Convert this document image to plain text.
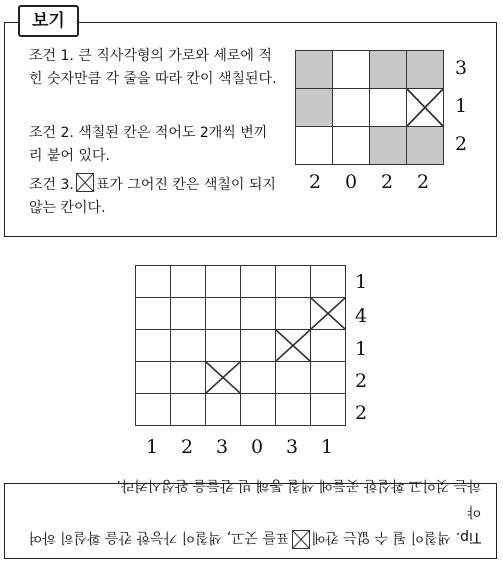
조건 1. 큰 직사각형의 가로와 세로에 적힌 숫자만큼 각 줄을 따라 칸이 색칠된다.
조건 2. 색칠된 칸은 적어도 2개씩 변끼리 붙어 있다.
조건 3. 표가 그어진 칸은 색칠이 되지 않는 칸이다.

3
1
2
2 0 2 2
보기

1
4
1
2
2
1 2 3 0 3 1
Tip. 색칠이 될 수 없는 칸에
표를 긋고, 색칠이 가능한 칸을 확실히 하여야
하는 것이고 확실한 곳들에 색칠 통해 빈 칸들을 완성시켜라.
